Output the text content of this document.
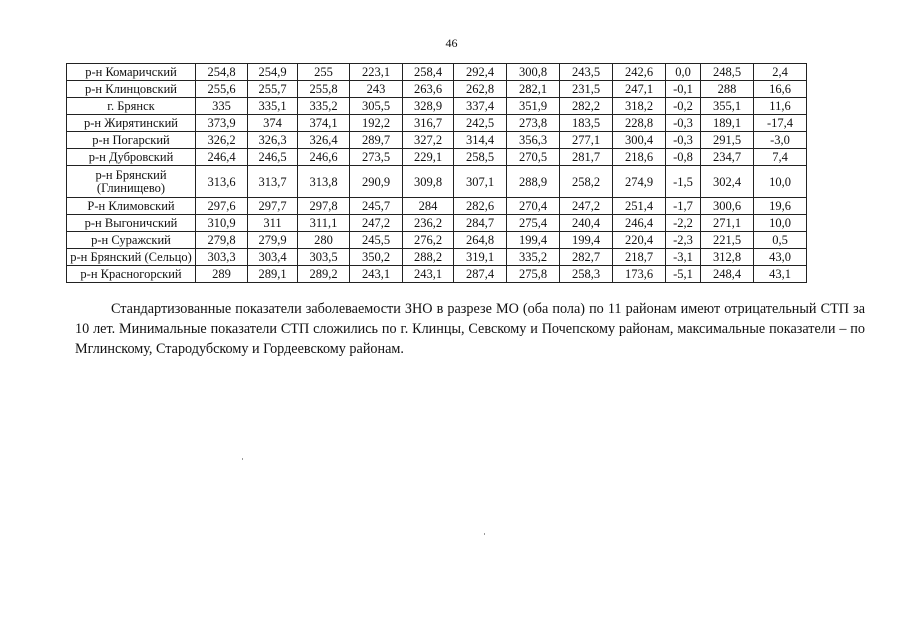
46
р-н Комаричский	254,8	254,9	255	223,1	258,4	292,4	300,8	243,5	242,6	0,0	248,5	2,4
р-н Клинцовский	255,6	255,7	255,8	243	263,6	262,8	282,1	231,5	247,1	-0,1	288	16,6
г. Брянск	335	335,1	335,2	305,5	328,9	337,4	351,9	282,2	318,2	-0,2	355,1	11,6
р-н Жирятинский	373,9	374	374,1	192,2	316,7	242,5	273,8	183,5	228,8	-0,3	189,1	-17,4
р-н Погарский	326,2	326,3	326,4	289,7	327,2	314,4	356,3	277,1	300,4	-0,3	291,5	-3,0
р-н Дубровский	246,4	246,5	246,6	273,5	229,1	258,5	270,5	281,7	218,6	-0,8	234,7	7,4
р-н Брянский (Глинищево)	313,6	313,7	313,8	290,9	309,8	307,1	288,9	258,2	274,9	-1,5	302,4	10,0
Р-н Климовский	297,6	297,7	297,8	245,7	284	282,6	270,4	247,2	251,4	-1,7	300,6	19,6
р-н Выгоничский	310,9	311	311,1	247,2	236,2	284,7	275,4	240,4	246,4	-2,2	271,1	10,0
р-н Суражский	279,8	279,9	280	245,5	276,2	264,8	199,4	199,4	220,4	-2,3	221,5	0,5
р-н Брянский (Сельцо)	303,3	303,4	303,5	350,2	288,2	319,1	335,2	282,7	218,7	-3,1	312,8	43,0
р-н Красногорский	289	289,1	289,2	243,1	243,1	287,4	275,8	258,3	173,6	-5,1	248,4	43,1
Стандартизованные показатели заболеваемости ЗНО в разрезе МО (оба пола) по 11 районам имеют отрицательный СТП за 10 лет. Минимальные показатели СТП сложились по г. Клинцы, Севскому и Почепскому районам, максимальные показатели – по Мглинскому, Стародубскому и Гордеевскому районам.
